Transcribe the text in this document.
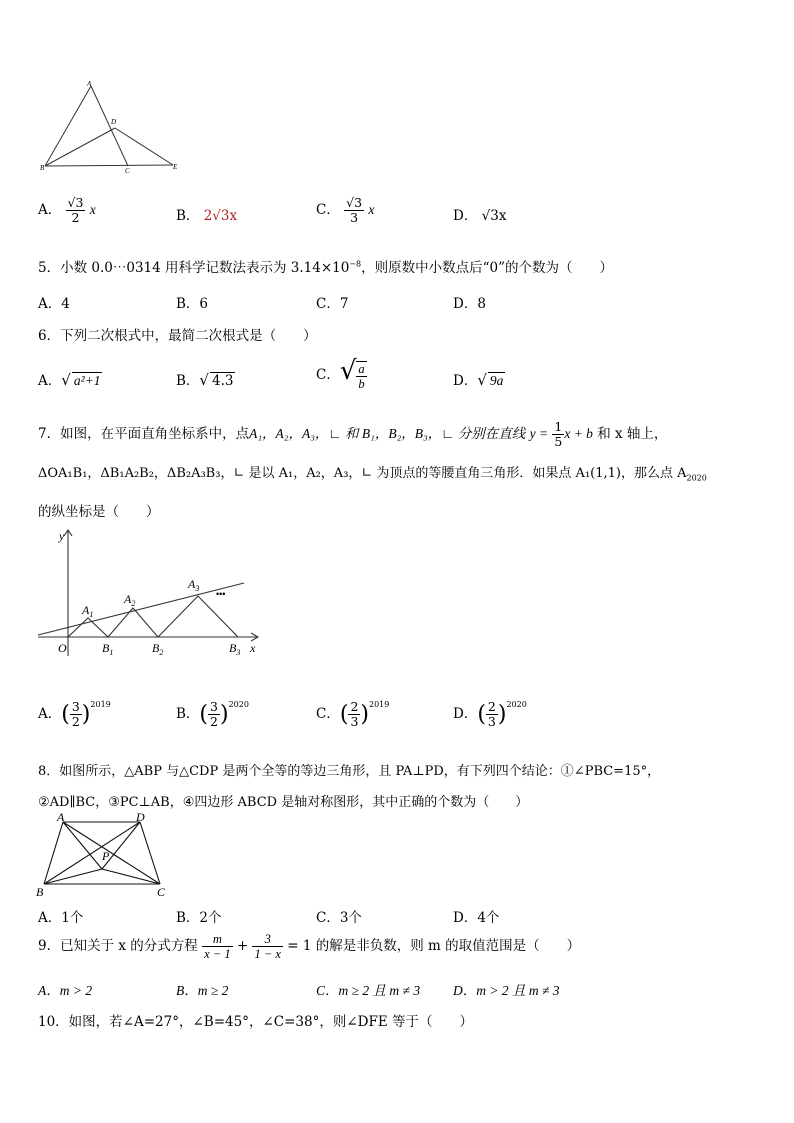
A
D
B	C	E
A． $\frac{√3}{2}$ x	B． 2√3x	C． $\frac{√3}{3}$ x	D． √3x
5．小数 0.0⋯0314 用科学记数法表示为 $3.14\times 10^{-8}$，则原数中小数点后“0”的个数为（　　）
A．4	B．6	C．7	D．8
6．下列二次根式中，最简二次根式是（　　）
A．√ a²+1	B．√ 4.3	C．√ $\frac{a}{b}$	D．√ 9a
7．如图，在平面直角坐标系中，点A₁，A₂，A₃，∟ 和 B₁，B₂，B₃，∟ 分别在直线 $y = \frac{1}{5}$ x + b 和 x 轴上，
ΔOA₁B₁，ΔB₁A₂B₂，ΔB₂A₃B₃，∟ 是以 A₁，A₂，A₃，∟ 为顶点的等腰直角三角形．如果点 A₁(1,1)，那么点 $A_{2020}$
的纵坐标是（　　）
y
x
O
$A_1$
$A_2$
$A_3$
$B_1$	$B_2$	$B_3$
•••
A．( $\frac{3}{2} )^{2019}$
B．( $\frac{3}{2} )^{2020}$
C．( $\frac{2}{3} )^{2019}$
D．( $\frac{2}{3} )^{2020}$
8．如图所示，△ABP 与△CDP 是两个全等的等边三角形，且 PA⊥PD，有下列四个结论：①∠PBC=15°，
②AD∥BC，③PC⊥AB，④四边形 ABCD 是轴对称图形，其中正确的个数为（　　）
A	D
P
B	C
A．1个	B．2个	C．3个	D．4个
9．已知关于 x 的分式方程 $\frac{m}{x - 1} + \frac{3}{1 - x} = 1$ 的解是非负数，则 m 的取值范围是（　　）
A．m > 2	B．m ≥ 2	C．m ≥ 2 且 m ≠ 3 D．m > 2 且 m ≠ 3
10．如图，若∠A=27°，∠B=45°，∠C=38°，则∠DFE 等于（　　）
